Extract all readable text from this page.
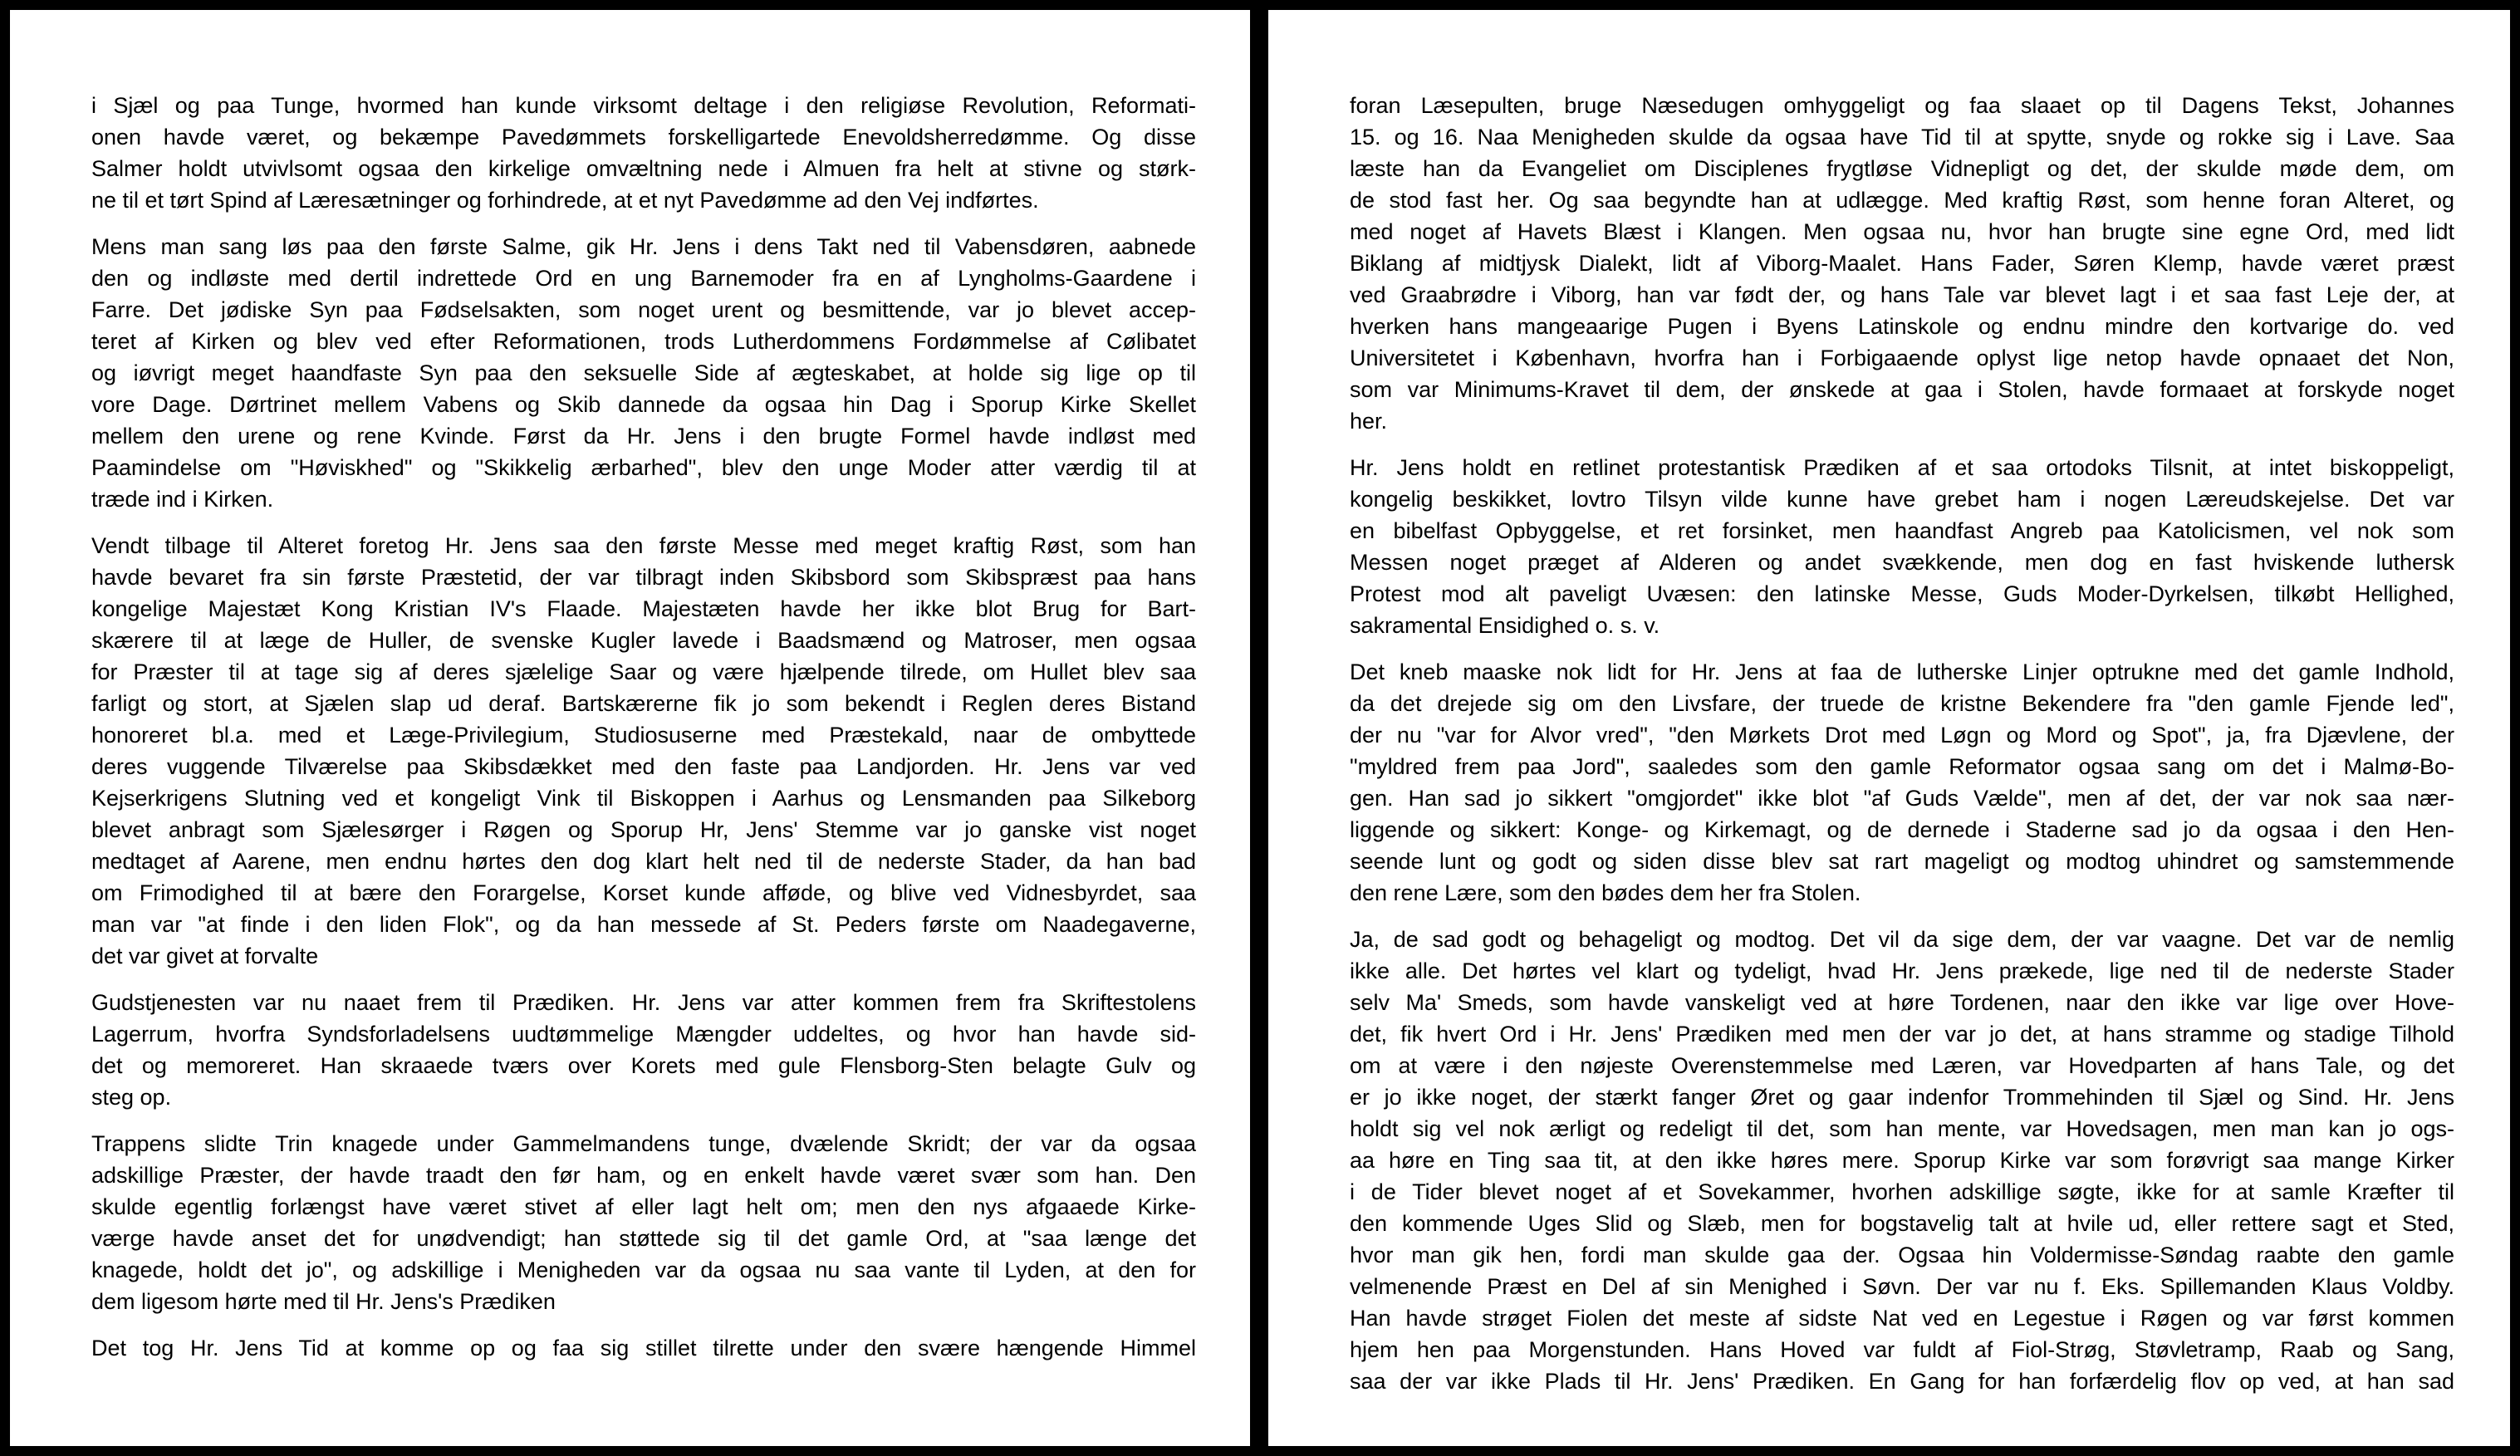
i Sjæl og paa Tunge, hvormed han kunde virksomt deltage i den religiøse Revolution, Reformati-
onen havde været, og bekæmpe Pavedømmets forskelligartede Enevoldsherredømme. Og disse
Salmer holdt utvivlsomt ogsaa den kirkelige omvæltning nede i Almuen fra helt at stivne og størk-
ne til et tørt Spind af Læresætninger og forhindrede, at et nyt Pavedømme ad den Vej indførtes.
Mens man sang løs paa den første Salme, gik Hr. Jens i dens Takt ned til Vabensdøren, aabnede
den og indløste med dertil indrettede Ord en ung Barnemoder fra en af Lyngholms-Gaardene i
Farre. Det jødiske Syn paa Fødselsakten, som noget urent og besmittende, var jo blevet accep-
teret af Kirken og blev ved efter Reformationen, trods Lutherdommens Fordømmelse af Cølibatet
og iøvrigt meget haandfaste Syn paa den seksuelle Side af ægteskabet, at holde sig lige op til
vore Dage. Dørtrinet mellem Vabens og Skib dannede da ogsaa hin Dag i Sporup Kirke Skellet
mellem den urene og rene Kvinde. Først da Hr. Jens i den brugte Formel havde indløst med
Paamindelse om "Høviskhed" og "Skikkelig ærbarhed", blev den unge Moder atter værdig til at
træde ind i Kirken.
Vendt tilbage til Alteret foretog Hr. Jens saa den første Messe med meget kraftig Røst, som han
havde bevaret fra sin første Præstetid, der var tilbragt inden Skibsbord som Skibspræst paa hans
kongelige Majestæt Kong Kristian IV's Flaade. Majestæten havde her ikke blot Brug for Bart-
skærere til at læge de Huller, de svenske Kugler lavede i Baadsmænd og Matroser, men ogsaa
for Præster til at tage sig af deres sjælelige Saar og være hjælpende tilrede, om Hullet blev saa
farligt og stort, at Sjælen slap ud deraf. Bartskærerne fik jo som bekendt i Reglen deres Bistand
honoreret bl.a. med et Læge-Privilegium, Studiosuserne med Præstekald, naar de ombyttede
deres vuggende Tilværelse paa Skibsdækket med den faste paa Landjorden. Hr. Jens var ved
Kejserkrigens Slutning ved et kongeligt Vink til Biskoppen i Aarhus og Lensmanden paa Silkeborg
blevet anbragt som Sjælesørger i Røgen og Sporup Hr, Jens' Stemme var jo ganske vist noget
medtaget af Aarene, men endnu hørtes den dog klart helt ned til de nederste Stader, da han bad
om Frimodighed til at bære den Forargelse, Korset kunde afføde, og blive ved Vidnesbyrdet, saa
man var "at finde i den liden Flok", og da han messede af St. Peders første om Naadegaverne,
det var givet at forvalte
Gudstjenesten var nu naaet frem til Prædiken. Hr. Jens var atter kommen frem fra Skriftestolens
Lagerrum, hvorfra Syndsforladelsens uudtømmelige Mængder uddeltes, og hvor han havde sid-
det og memoreret. Han skraaede tværs over Korets med gule Flensborg-Sten belagte Gulv og
steg op.
Trappens slidte Trin knagede under Gammelmandens tunge, dvælende Skridt; der var da ogsaa
adskillige Præster, der havde traadt den før ham, og en enkelt havde været svær som han. Den
skulde egentlig forlængst have været stivet af eller lagt helt om; men den nys afgaaede Kirke-
værge havde anset det for unødvendigt; han støttede sig til det gamle Ord, at "saa længe det
knagede, holdt det jo", og adskillige i Menigheden var da ogsaa nu saa vante til Lyden, at den for
dem ligesom hørte med til Hr. Jens's Prædiken
Det tog Hr. Jens Tid at komme op og faa sig stillet tilrette under den svære hængende Himmel
foran Læsepulten, bruge Næsedugen omhyggeligt og faa slaaet op til Dagens Tekst, Johannes
15. og 16. Naa Menigheden skulde da ogsaa have Tid til at spytte, snyde og rokke sig i Lave. Saa
læste han da Evangeliet om Disciplenes frygtløse Vidnepligt og det, der skulde møde dem, om
de stod fast her. Og saa begyndte han at udlægge. Med kraftig Røst, som henne foran Alteret, og
med noget af Havets Blæst i Klangen. Men ogsaa nu, hvor han brugte sine egne Ord, med lidt
Biklang af midtjysk Dialekt, lidt af Viborg-Maalet. Hans Fader, Søren Klemp, havde været præst
ved Graabrødre i Viborg, han var født der, og hans Tale var blevet lagt i et saa fast Leje der, at
hverken hans mangeaarige Pugen i Byens Latinskole og endnu mindre den kortvarige do. ved
Universitetet i København, hvorfra han i Forbigaaende oplyst lige netop havde opnaaet det Non,
som var Minimums-Kravet til dem, der ønskede at gaa i Stolen, havde formaaet at forskyde noget
her.
Hr. Jens holdt en retlinet protestantisk Prædiken af et saa ortodoks Tilsnit, at intet biskoppeligt,
kongelig beskikket, lovtro Tilsyn vilde kunne have grebet ham i nogen Læreudskejelse. Det var
en bibelfast Opbyggelse, et ret forsinket, men haandfast Angreb paa Katolicismen, vel nok som
Messen noget præget af Alderen og andet svækkende, men dog en fast hviskende luthersk
Protest mod alt paveligt Uvæsen: den latinske Messe, Guds Moder-Dyrkelsen, tilkøbt Hellighed,
sakramental Ensidighed o. s. v.
Det kneb maaske nok lidt for Hr. Jens at faa de lutherske Linjer optrukne med det gamle Indhold,
da det drejede sig om den Livsfare, der truede de kristne Bekendere fra "den gamle Fjende led",
der nu "var for Alvor vred", "den Mørkets Drot med Løgn og Mord og Spot", ja, fra Djævlene, der
"myldred frem paa Jord", saaledes som den gamle Reformator ogsaa sang om det i Malmø-Bo-
gen. Han sad jo sikkert "omgjordet" ikke blot "af Guds Vælde", men af det, der var nok saa nær-
liggende og sikkert: Konge- og Kirkemagt, og de dernede i Staderne sad jo da ogsaa i den Hen-
seende lunt og godt og siden disse blev sat rart mageligt og modtog uhindret og samstemmende
den rene Lære, som den bødes dem her fra Stolen.
Ja, de sad godt og behageligt og modtog. Det vil da sige dem, der var vaagne. Det var de nemlig
ikke alle. Det hørtes vel klart og tydeligt, hvad Hr. Jens prækede, lige ned til de nederste Stader
selv Ma' Smeds, som havde vanskeligt ved at høre Tordenen, naar den ikke var lige over Hove-
det, fik hvert Ord i Hr. Jens' Prædiken med men der var jo det, at hans stramme og stadige Tilhold
om at være i den nøjeste Overenstemmelse med Læren, var Hovedparten af hans Tale, og det
er jo ikke noget, der stærkt fanger Øret og gaar indenfor Trommehinden til Sjæl og Sind. Hr. Jens
holdt sig vel nok ærligt og redeligt til det, som han mente, var Hovedsagen, men man kan jo ogs-
aa høre en Ting saa tit, at den ikke høres mere. Sporup Kirke var som forøvrigt saa mange Kirker
i de Tider blevet noget af et Sovekammer, hvorhen adskillige søgte, ikke for at samle Kræfter til
den kommende Uges Slid og Slæb, men for bogstavelig talt at hvile ud, eller rettere sagt et Sted,
hvor man gik hen, fordi man skulde gaa der. Ogsaa hin Voldermisse-Søndag raabte den gamle
velmenende Præst en Del af sin Menighed i Søvn. Der var nu f. Eks. Spillemanden Klaus Voldby.
Han havde strøget Fiolen det meste af sidste Nat ved en Legestue i Røgen og var først kommen
hjem hen paa Morgenstunden. Hans Hoved var fuldt af Fiol-Strøg, Støvletramp, Raab og Sang,
saa der var ikke Plads til Hr. Jens' Prædiken. En Gang for han forfærdelig flov op ved, at han sad
